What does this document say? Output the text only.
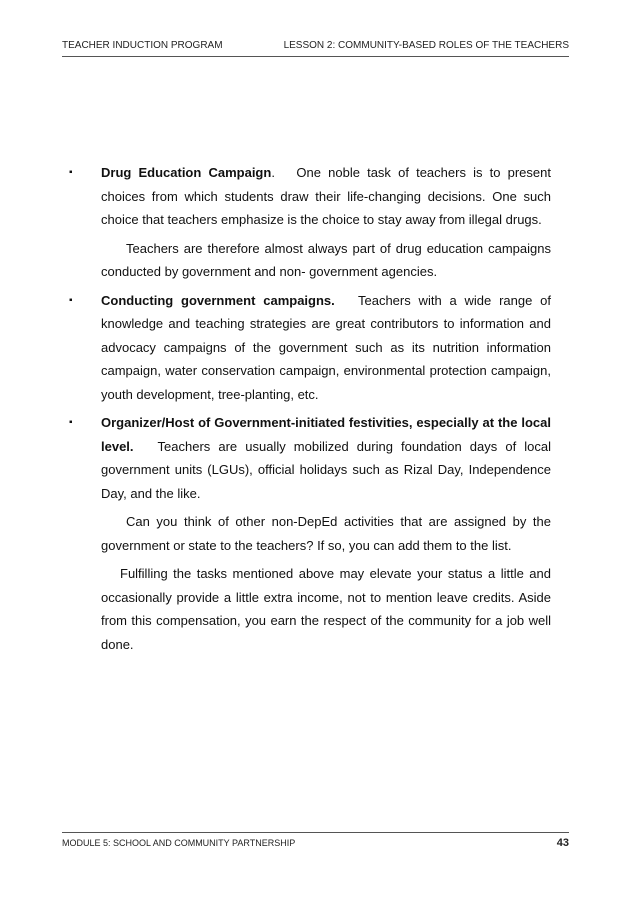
TEACHER INDUCTION PROGRAM	LESSON 2: COMMUNITY-BASED ROLES OF THE TEACHERS
▪ Drug Education Campaign. One noble task of teachers is to present choices from which students draw their life-changing decisions. One such choice that teachers emphasize is the choice to stay away from illegal drugs.

Teachers are therefore almost always part of drug education campaigns conducted by government and non- government agencies.

▪ Conducting government campaigns. Teachers with a wide range of knowledge and teaching strategies are great contributors to information and advocacy campaigns of the government such as its nutrition information campaign, water conservation campaign, environmental protection campaign, youth development, tree-planting, etc.
▪ Organizer/Host of Government-initiated festivities, especially at the local level. Teachers are usually mobilized during foundation days of local government units (LGUs), official holidays such as Rizal Day, Independence Day, and the like.

Can you think of other non-DepEd activities that are assigned by the government or state to the teachers? If so, you can add them to the list.

Fulfilling the tasks mentioned above may elevate your status a little and occasionally provide a little extra income, not to mention leave credits. Aside from this compensation, you earn the respect of the community for a job well done.

MODULE 5: SCHOOL AND COMMUNITY PARTNERSHIP	43
